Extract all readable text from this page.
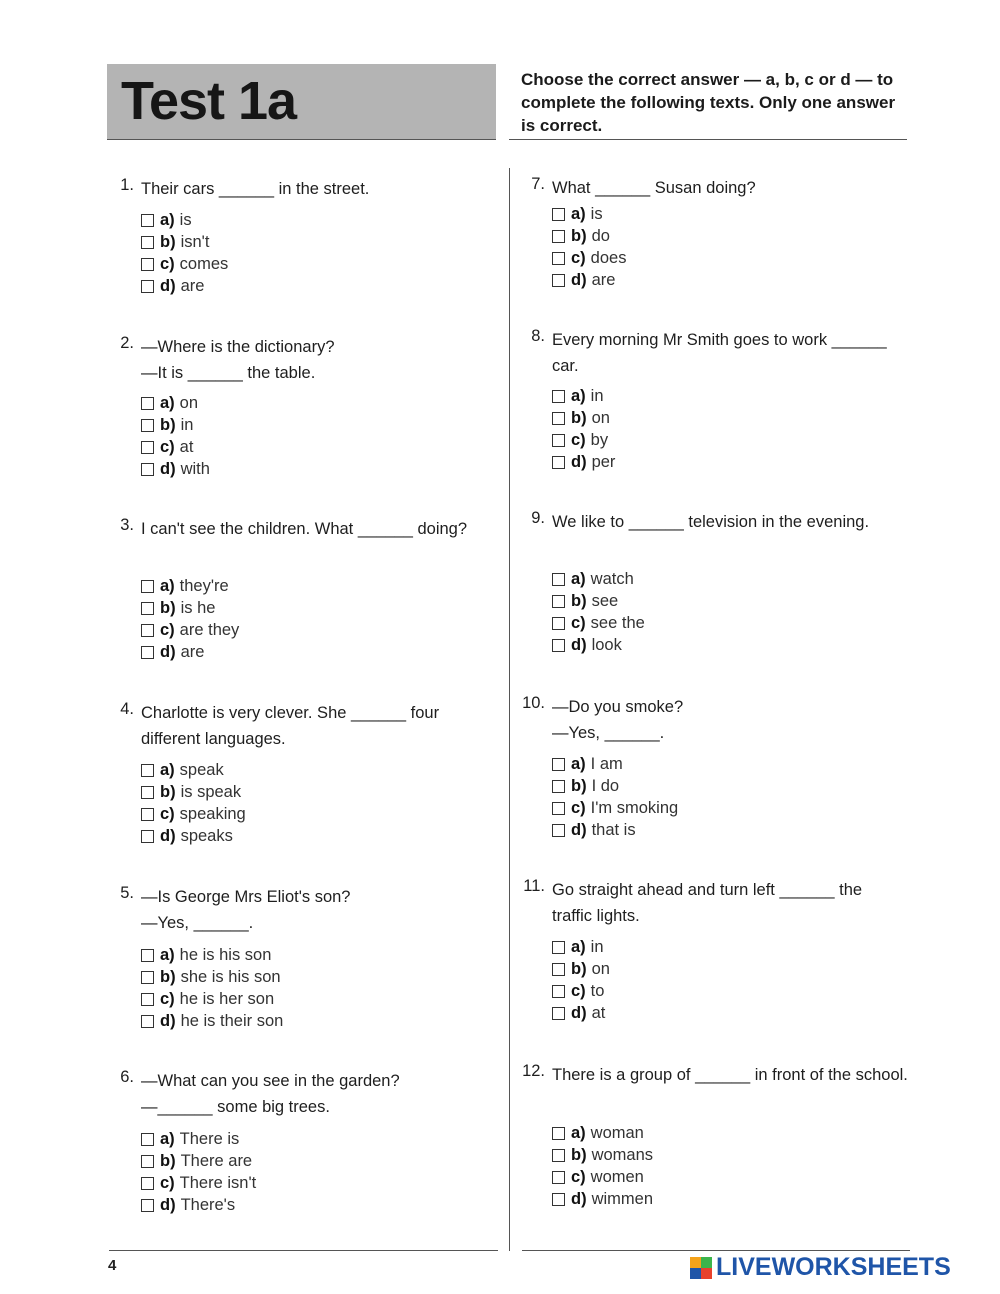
Test 1a	Choose the correct answer — a, b, c or d — to complete the following texts. Only one answer is correct.
1. Their cars ______ in the street.
a) is
b) isn't
c) comes
d) are
2. —Where is the dictionary?
—It is ______ the table.
a) on
b) in
c) at
d) with
3. I can't see the children. What ______ doing?
a) they're
b) is he
c) are they
d) are
4. Charlotte is very clever. She ______ four different languages.
a) speak
b) is speak
c) speaking
d) speaks
5. —Is George Mrs Eliot's son?
—Yes, ______.
a) he is his son
b) she is his son
c) he is her son
d) he is their son
6. —What can you see in the garden?
—______ some big trees.
a) There is
b) There are
c) There isn't
d) There's
7. What ______ Susan doing?
a) is
b) do
c) does
d) are
8. Every morning Mr Smith goes to work ______ car.
a) in
b) on
c) by
d) per
9. We like to ______ television in the evening.
a) watch
b) see
c) see the
d) look
10. —Do you smoke?
—Yes, ______.
a) I am
b) I do
c) I'm smoking
d) that is
11. Go straight ahead and turn left ______ the traffic lights.
a) in
b) on
c) to
d) at
12. There is a group of ______ in front of the school.
a) woman
b) womans
c) women
d) wimmen
4	LIVEWORKSHEETS
